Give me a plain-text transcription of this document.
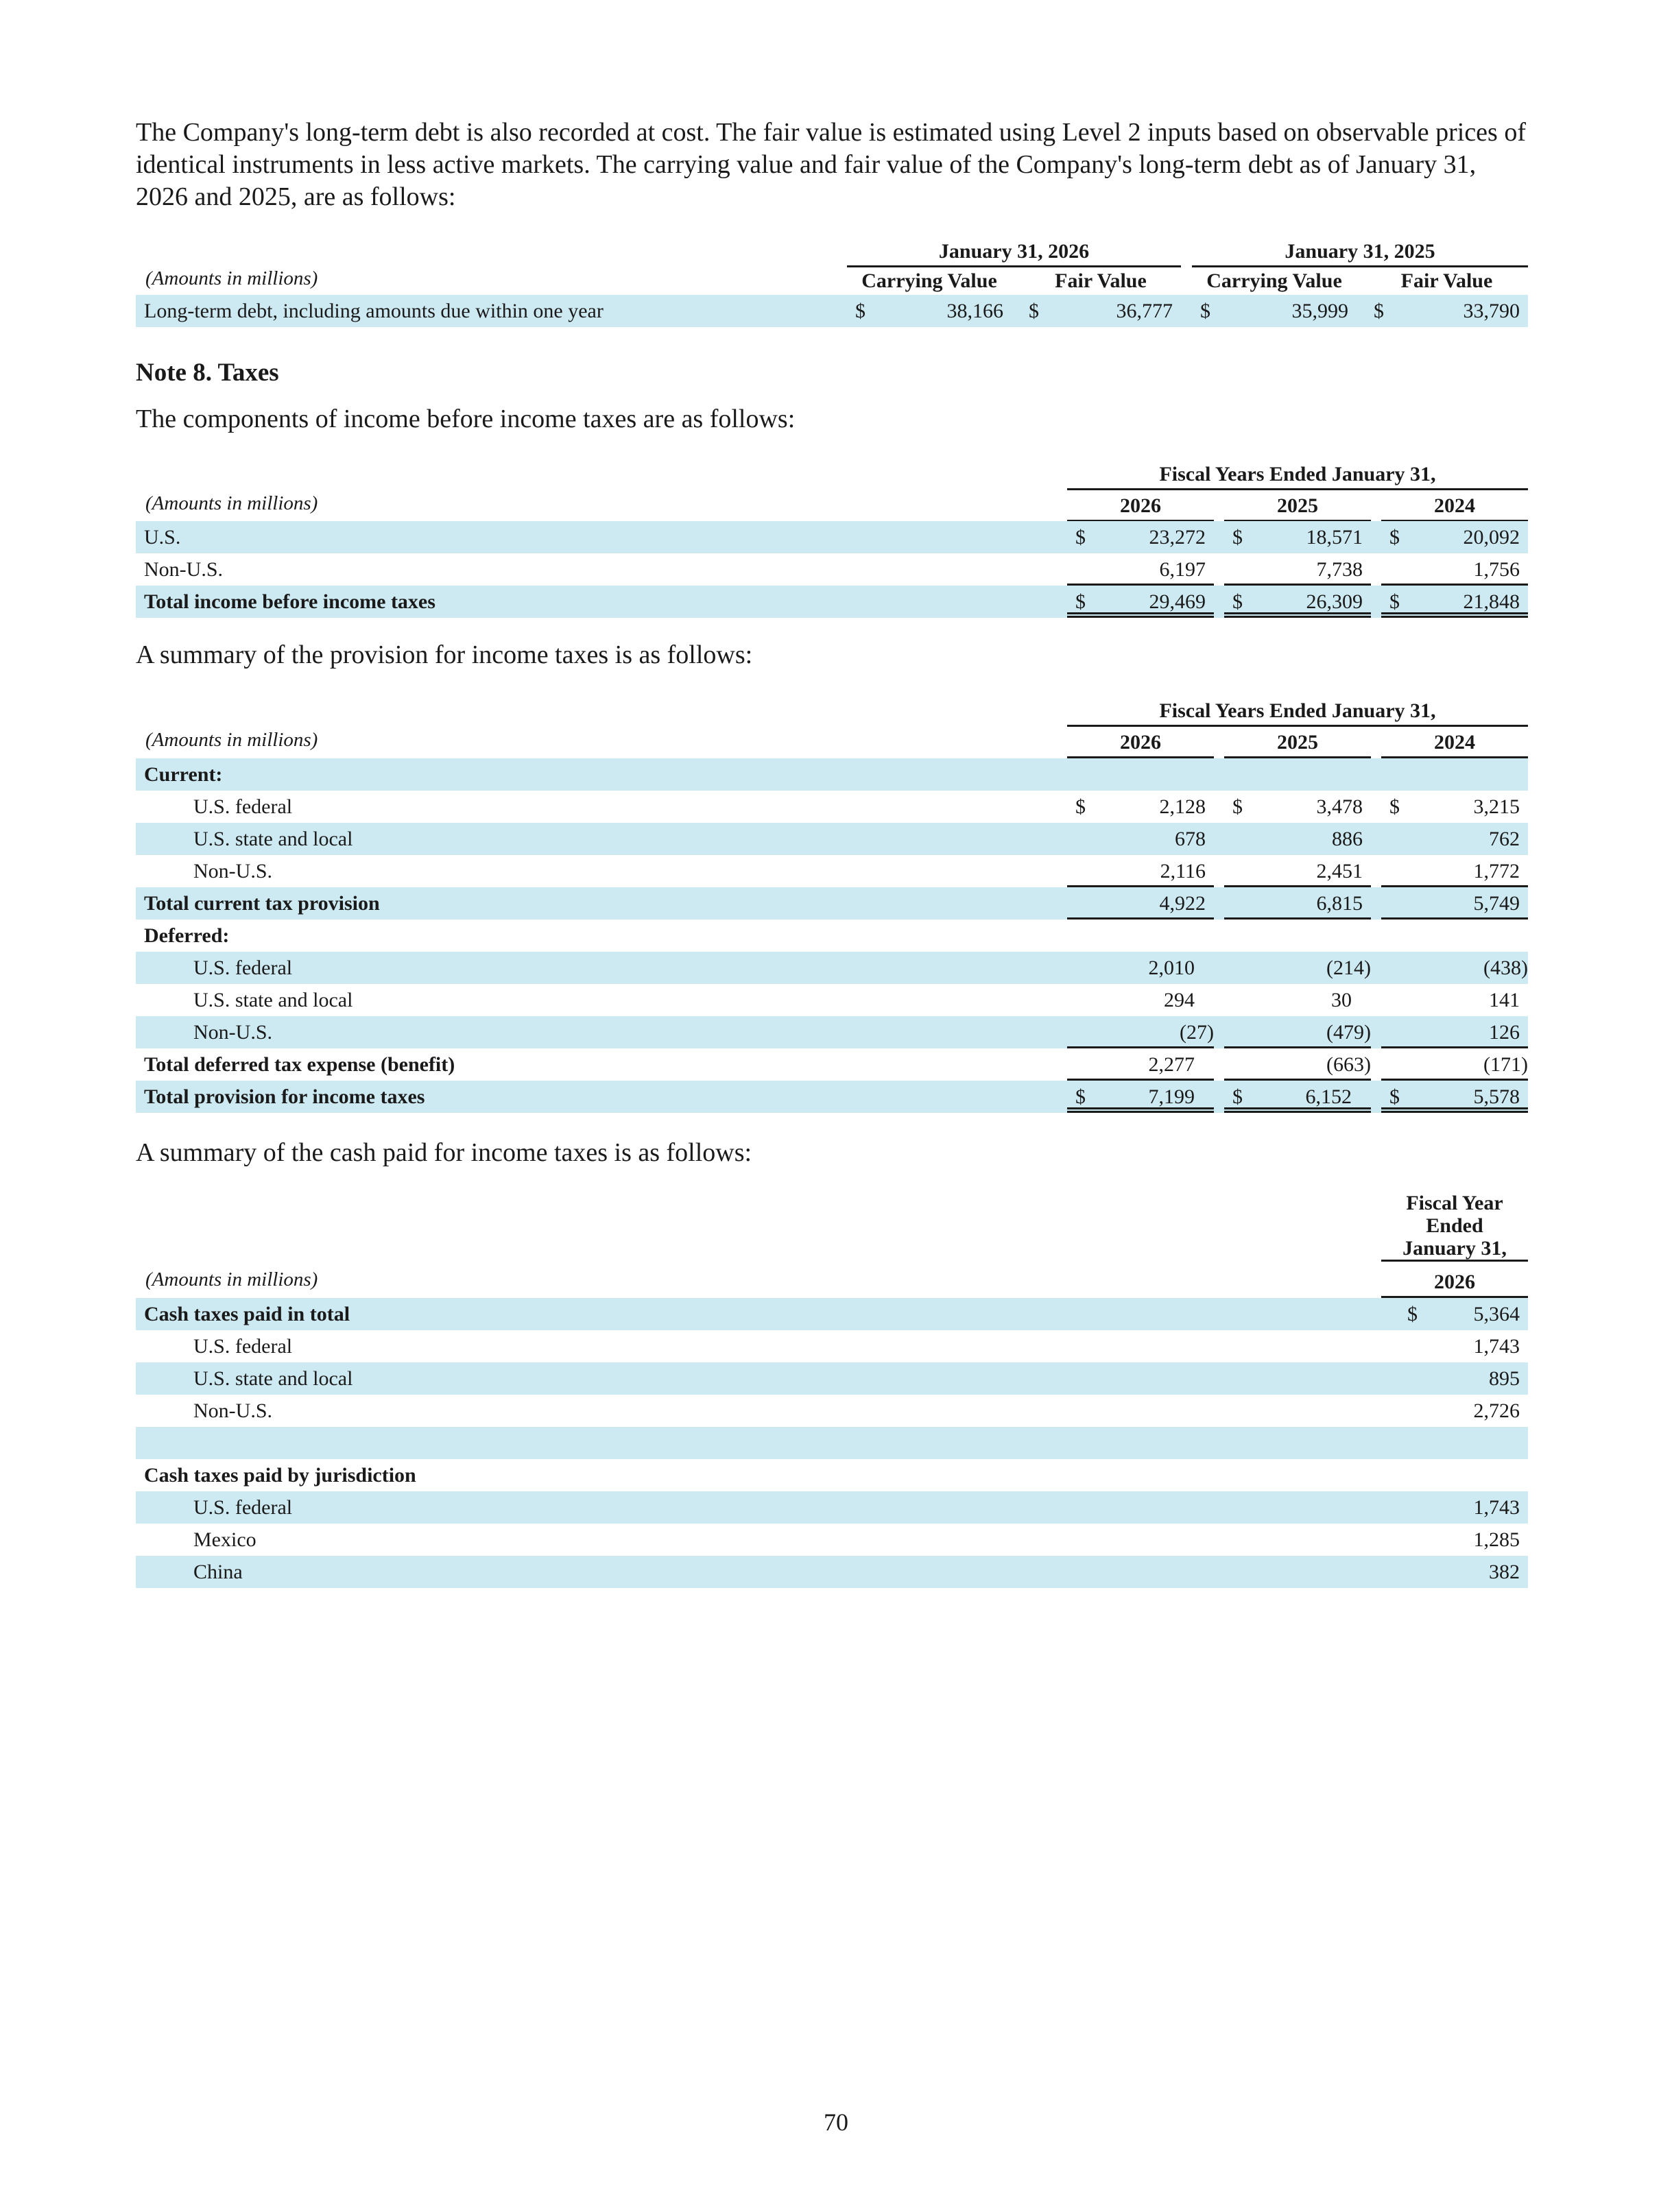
The Company's long-term debt is also recorded at cost. The fair value is estimated using Level 2 inputs based on observable prices of identical instruments in less active markets. The carrying value and fair value of the Company's long-term debt as of January 31, 2026 and 2025, are as follows:

January 31, 2026	January 31, 2025
(Amounts in millions)	Carrying Value	Fair Value	Carrying Value	Fair Value
Long-term debt, including amounts due within one year	$	38,166 $	36,777 $	35,999 $	33,790
Note 8. Taxes

The components of income before income taxes are as follows:

Fiscal Years Ended January 31,
(Amounts in millions)	2026	2025	2024
U.S.	$	23,272 $	18,571 $	20,092
Non-U.S.	6,197	7,738	1,756
Total income before income taxes	$	29,469 $	26,309 $	21,848

A summary of the provision for income taxes is as follows:

Fiscal Years Ended January 31,
(Amounts in millions)	2026	2025	2024
Current:
U.S. federal	$	2,128 $	3,478 $	3,215
U.S. state and local	678	886	762
Non-U.S.	2,116	2,451	1,772
Total current tax provision	4,922	6,815	5,749
Deferred:
U.S. federal	2,010	(214)	(438)
U.S. state and local	294	30	141
Non-U.S.	(27)	(479)	126
Total deferred tax expense (benefit)	2,277	(663)	(171)
Total provision for income taxes	$	7,199 $	6,152 $	5,578

A summary of the cash paid for income taxes is as follows:

Fiscal Year
Ended
January 31,
(Amounts in millions)	2026
Cash taxes paid in total	$	5,364
U.S. federal	1,743
U.S. state and local	895
Non-U.S.	2,726
Cash taxes paid by jurisdiction
U.S. federal	1,743
Mexico	1,285
China	382
70
